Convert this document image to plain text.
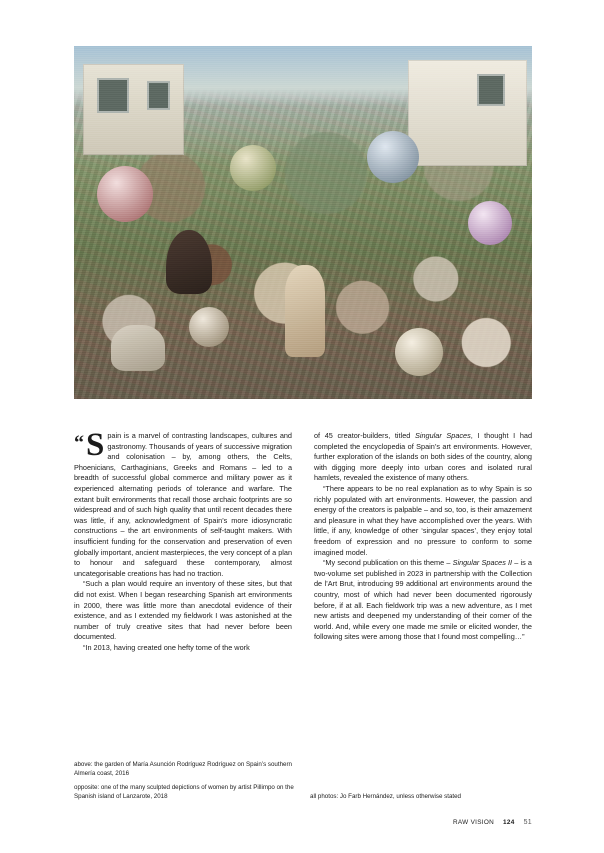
“ S pain is a marvel of contrasting landscapes, cultures and gastronomy. Thousands of years of successive migration and colonisation – by, among others, the Celts, Phoenicians, Carthaginians, Greeks and Romans – led to a breadth of successful global commerce and military power as it experienced alternating periods of tolerance and warfare. The extant built environments that recall those archaic footprints are so widespread and of such high quality that until recent decades there was little, if any, acknowledgment of Spain’s more idiosyncratic constructions – the art environments of self-taught makers. With insufficient funding for the conservation and preservation of even globally important, ancient masterpieces, the very concept of a plan to honour and safeguard these contemporary, almost uncategorisable creations has had no traction.

“Such a plan would require an inventory of these sites, but that did not exist. When I began researching Spanish art environments in 2000, there was little more than anecdotal evidence of their existence, and as I extended my fieldwork I was astonished at the number of truly creative sites that had never before been documented.

“In 2013, having created one hefty tome of the work

of 45 creator-builders, titled Singular Spaces, I thought I had completed the encyclopedia of Spain’s art environments. However, further exploration of the islands on both sides of the country, along with digging more deeply into urban cores and isolated rural hamlets, revealed the existence of many others.

“There appears to be no real explanation as to why Spain is so richly populated with art environments. However, the passion and energy of the creators is palpable – and so, too, is their amazement and pleasure in what they have accomplished over the years. With little, if any, knowledge of other ‘singular spaces’, they enjoy total freedom of expression and no pressure to conform to some imagined model.

“My second publication on this theme – Singular Spaces II – is a two-volume set published in 2023 in partnership with the Collection de l’Art Brut, introducing 99 additional art environments around the country, most of which had never been documented rigorously before, if at all. Each fieldwork trip was a new adventure, as I met new artists and deepened my understanding of their corner of the world. And, while every one made me smile or elicited wonder, the following sites were among those that I found most compelling…”

above: the garden of María Asunción Rodríguez Rodríguez on Spain’s southern Almería coast, 2016
opposite: one of the many sculpted depictions of women by artist Pillimpo on the Spanish island of Lanzarote, 2018	all photos: Jo Farb Hernández, unless otherwise stated
RAW VISION 124 51
